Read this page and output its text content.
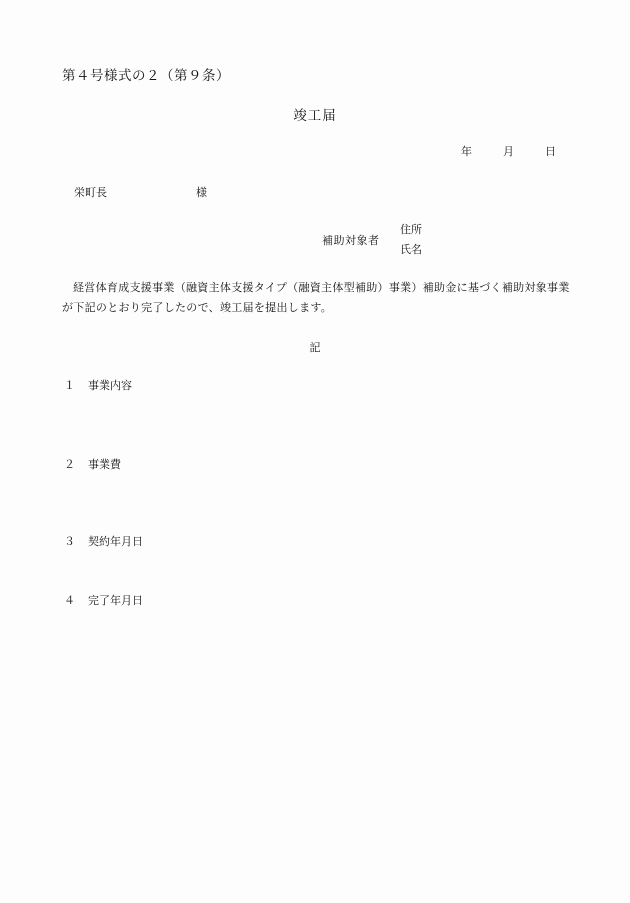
第４号様式の２（第９条）
竣工届
年	月	日
栄町長	様
補助対象者
住所
氏名
経営体育成支援事業（融資主体支援タイプ（融資主体型補助）事業）補助金に基づく補助対象事業が下記のとおり完了したので、竣工届を提出します。
記
１ 事業内容
２ 事業費
３ 契約年月日
４ 完了年月日
